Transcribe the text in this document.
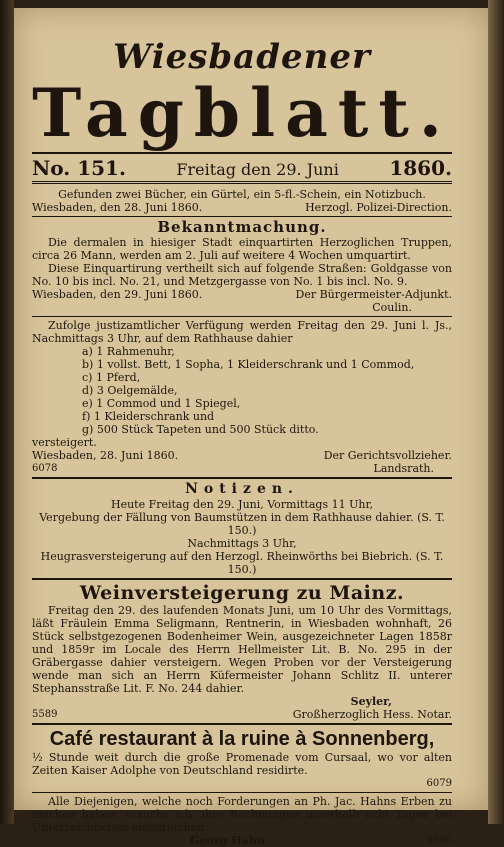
Wiesbadener
Tagblatt.
No. 151.	Freitag den 29. Juni	1860.
Gefunden zwei Bücher, ein Gürtel, ein 5-fl.-Schein, ein Notizbuch.
Wiesbaden, den 28. Juni 1860.	Herzogl. Polizei-Direction.
Bekanntmachung.
Die dermalen in hiesiger Stadt einquartirten Herzoglichen Truppen, circa 26 Mann, werden am 2. Juli auf weitere 4 Wochen umquartirt.
Diese Einquartirung vertheilt sich auf folgende Straßen: Goldgasse von No. 10 bis incl. No. 21, und Metzgergasse von No. 1 bis incl. No. 9.
Wiesbaden, den 29. Juni 1860.	Der Bürgermeister-Adjunkt.
Coulin.
Zufolge justizamtlicher Verfügung werden Freitag den 29. Juni l. Js., Nachmittags 3 Uhr, auf dem Rathhause dahier
a) 1 Rahmenuhr,
b) 1 vollst. Bett, 1 Sopha, 1 Kleiderschrank und 1 Commod,
c) 1 Pferd,
d) 3 Oelgemälde,
e) 1 Commod und 1 Spiegel,
f) 1 Kleiderschrank und
g) 500 Stück Tapeten und 500 Stück ditto.
versteigert.
Wiesbaden, 28. Juni 1860.	Der Gerichtsvollzieher.
6078	Landsrath.
Notizen.
Heute Freitag den 29. Juni, Vormittags 11 Uhr,
Vergebung der Fällung von Baumstützen in dem Rathhause dahier. (S. T. 150.)
Nachmittags 3 Uhr,
Heugrasversteigerung auf den Herzogl. Rheinwörths bei Biebrich. (S. T. 150.)
Weinversteigerung zu Mainz.
Freitag den 29. des laufenden Monats Juni, um 10 Uhr des Vormittags, läßt Fräulein Emma Seligmann, Rentnerin, in Wiesbaden wohnhaft, 26 Stück selbstgezogenen Bodenheimer Wein, ausgezeichneter Lagen 1858r und 1859r im Locale des Herrn Hellmeister Lit. B. No. 295 in der Gräbergasse dahier versteigern. Wegen Proben vor der Versteigerung wende man sich an Herrn Küfermeister Johann Schlitz II. unterer Stephansstraße Lit. F. No. 244 dahier.
Seyler,
5589	Großherzoglich Hess. Notar.
Café restaurant à la ruine à Sonnenberg,
½ Stunde weit durch die große Promenade vom Cursaal, wo vor alten Zeiten Kaiser Adolphe von Deutschland residirte.
6079
Alle Diejenigen, welche noch Forderungen an Ph. Jac. Hahns Erben zu machen haben, ersuche ich, ihre Rechnungen innerhalb acht Tagen bei Unterzeichnetem einzureichen.
Georg Hahn.	6080
